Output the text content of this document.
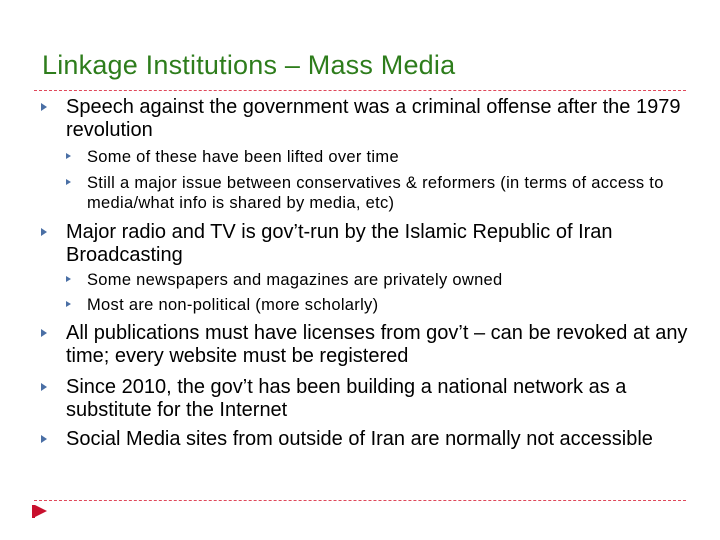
Linkage Institutions – Mass Media
Speech against the government was a criminal offense after the 1979 revolution
Some of these have been lifted over time
Still a major issue between conservatives & reformers (in terms of access to media/what info is shared by media, etc)
Major radio and TV is gov’t-run by the Islamic Republic of Iran Broadcasting
Some newspapers and magazines are privately owned
Most are non-political (more scholarly)
All publications must have licenses from gov’t – can be revoked at any time; every website must be registered
Since 2010, the gov’t has been building a national network as a substitute for the Internet
Social Media sites from outside of Iran are normally not accessible
